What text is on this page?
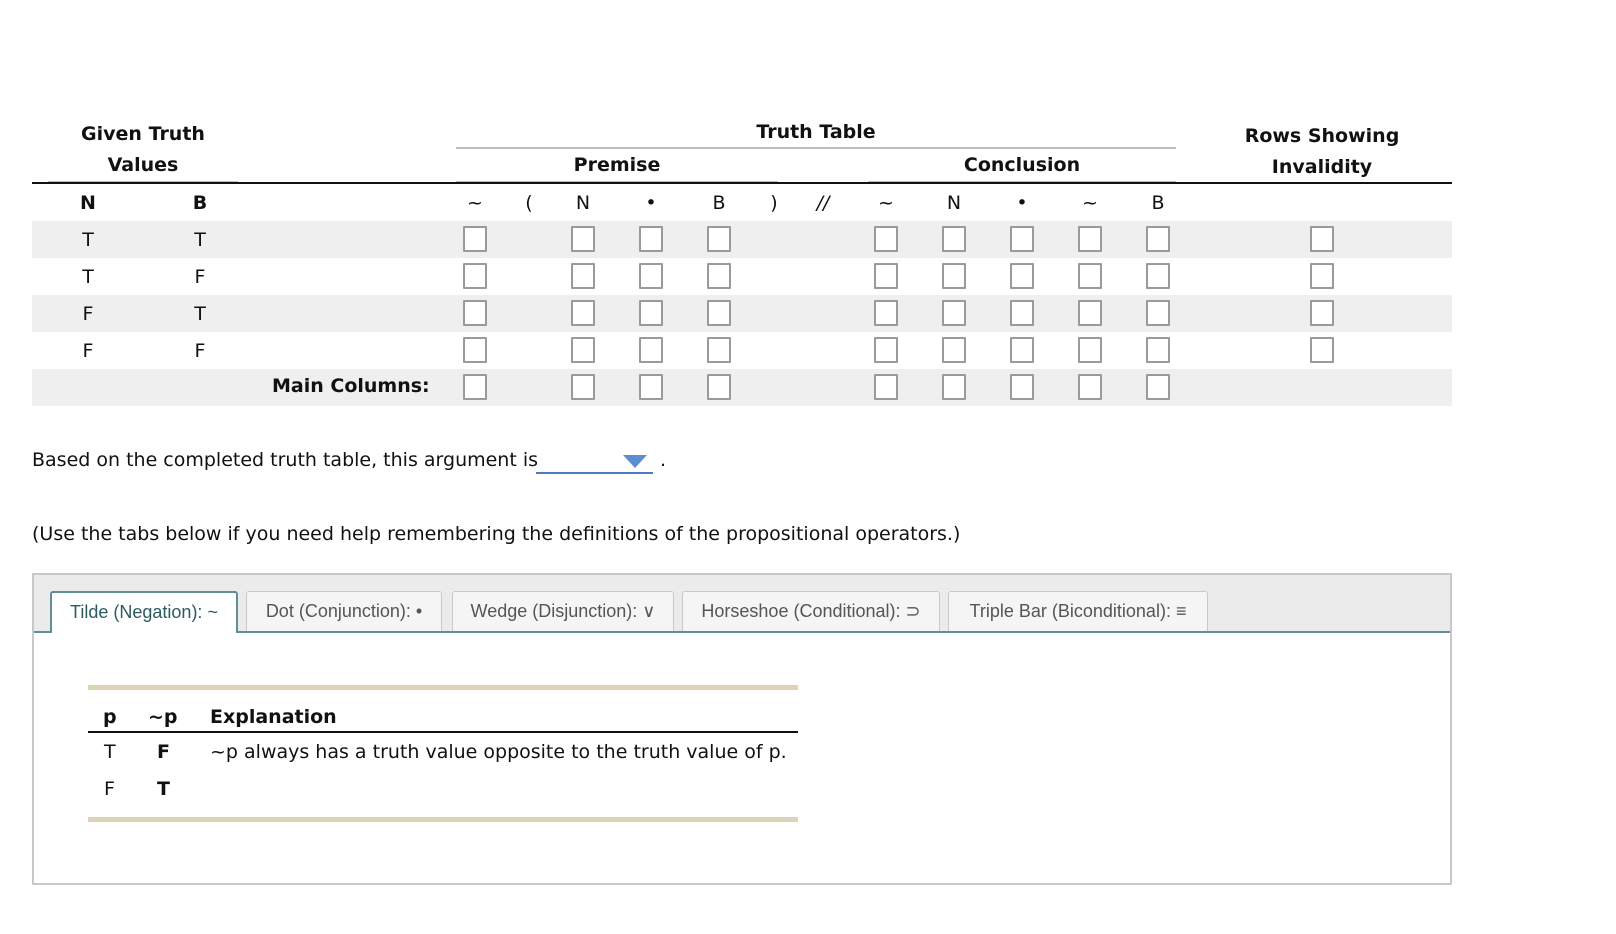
Given Truth
Values
Truth Table
Premise	Conclusion
Rows Showing
Invalidity
N	B	~	(	N	•	B	)	//	~	N	•	~	B
T	T
T	F
F	T
F	F
Main Columns:
Based on the completed truth table, this argument is	.
(Use the tabs below if you need help remembering the definitions of the propositional operators.)
Tilde (Negation): ~	Dot (Conjunction): •	Wedge (Disjunction): ∨	Horseshoe (Conditional): ⊃	Triple Bar (Biconditional): ≡
p ~p Explanation
T F ~p always has a truth value opposite to the truth value of p.
F T
